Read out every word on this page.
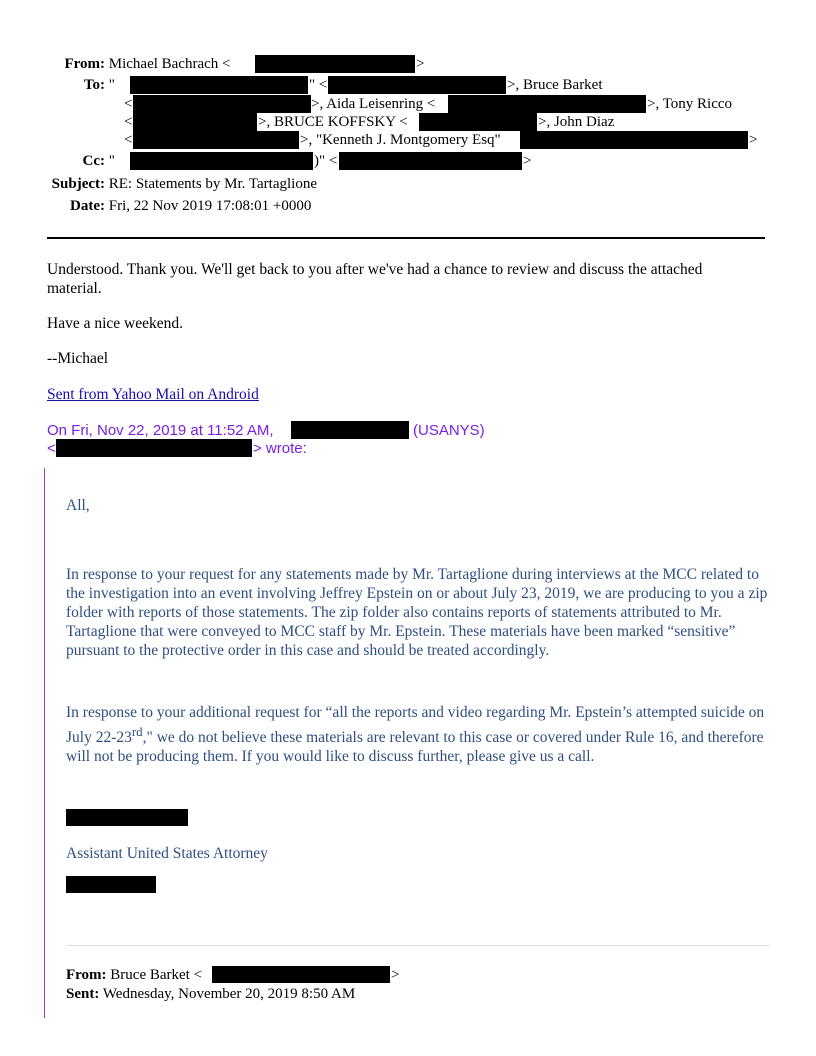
From: Michael Bachrach <	>
To: "	" <	>, Bruce Barket
<	>, Aida Leisenring <	>, Tony Ricco
<	>, BRUCE KOFFSKY <	>, John Diaz
<	>, "Kenneth J. Montgomery Esq"	>
Cc: "	)" <	>
Subject: RE: Statements by Mr. Tartaglione
Date: Fri, 22 Nov 2019 17:08:01 +0000
Understood. Thank you. We'll get back to you after we've had a chance to review and discuss the attached
material.
Have a nice weekend.
--Michael
Sent from Yahoo Mail on Android
On Fri, Nov 22, 2019 at 11:52 AM,	(USANYS)
<	> wrote:
All,
In response to your request for any statements made by Mr. Tartaglione during interviews at the MCC related to the investigation into an event involving Jeffrey Epstein on or about July 23, 2019, we are producing to you a zip folder with reports of those statements. The zip folder also contains reports of statements attributed to Mr. Tartaglione that were conveyed to MCC staff by Mr. Epstein. These materials have been marked “sensitive” pursuant to the protective order in this case and should be treated accordingly.
In response to your additional request for “all the reports and video regarding Mr. Epstein’s attempted suicide on July 22-23rd," we do not believe these materials are relevant to this case or covered under Rule 16, and therefore will not be producing them. If you would like to discuss further, please give us a call.
Assistant United States Attorney
From: Bruce Barket <	>
Sent: Wednesday, November 20, 2019 8:50 AM
